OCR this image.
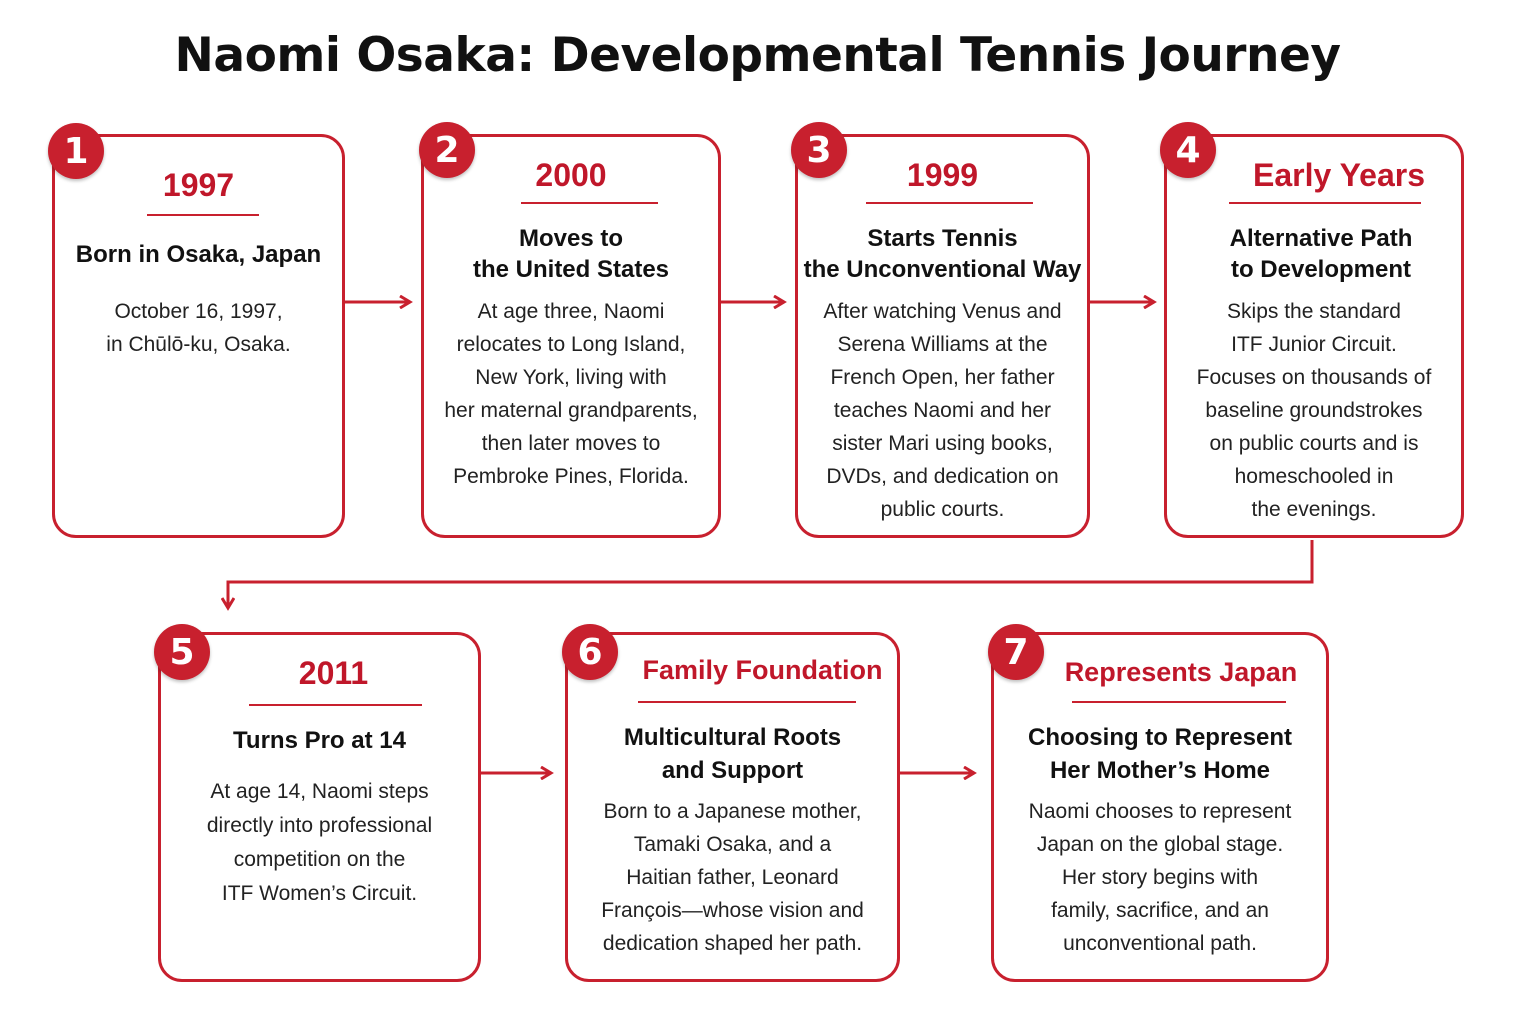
Naomi Osaka: Developmental Tennis Journey
1997
Born in Osaka, Japan
October 16, 1997,
in Chūlō-ku, Osaka.
1
2000
Moves to
the United States
At age three, Naomi
relocates to Long Island,
New York, living with
her maternal grandparents,
then later moves to
Pembroke Pines, Florida.
2
1999
Starts Tennis
the Unconventional Way
After watching Venus and
Serena Williams at the
French Open, her father
teaches Naomi and her
sister Mari using books,
DVDs, and dedication on
public courts.
3
Early Years
Alternative Path
to Development
Skips the standard
ITF Junior Circuit.
Focuses on thousands of
baseline groundstrokes
on public courts and is
homeschooled in
the evenings.
4
2011
Turns Pro at 14
At age 14, Naomi steps
directly into professional
competition on the
ITF Women’s Circuit.
5	Family Foundation
Multicultural Roots
and Support
Born to a Japanese mother,
Tamaki Osaka, and a
Haitian father, Leonard
François—whose vision and
dedication shaped her path.
6	Represents Japan
Choosing to Represent
Her Mother’s Home
Naomi chooses to represent
Japan on the global stage.
Her story begins with
family, sacrifice, and an
unconventional path.
7
